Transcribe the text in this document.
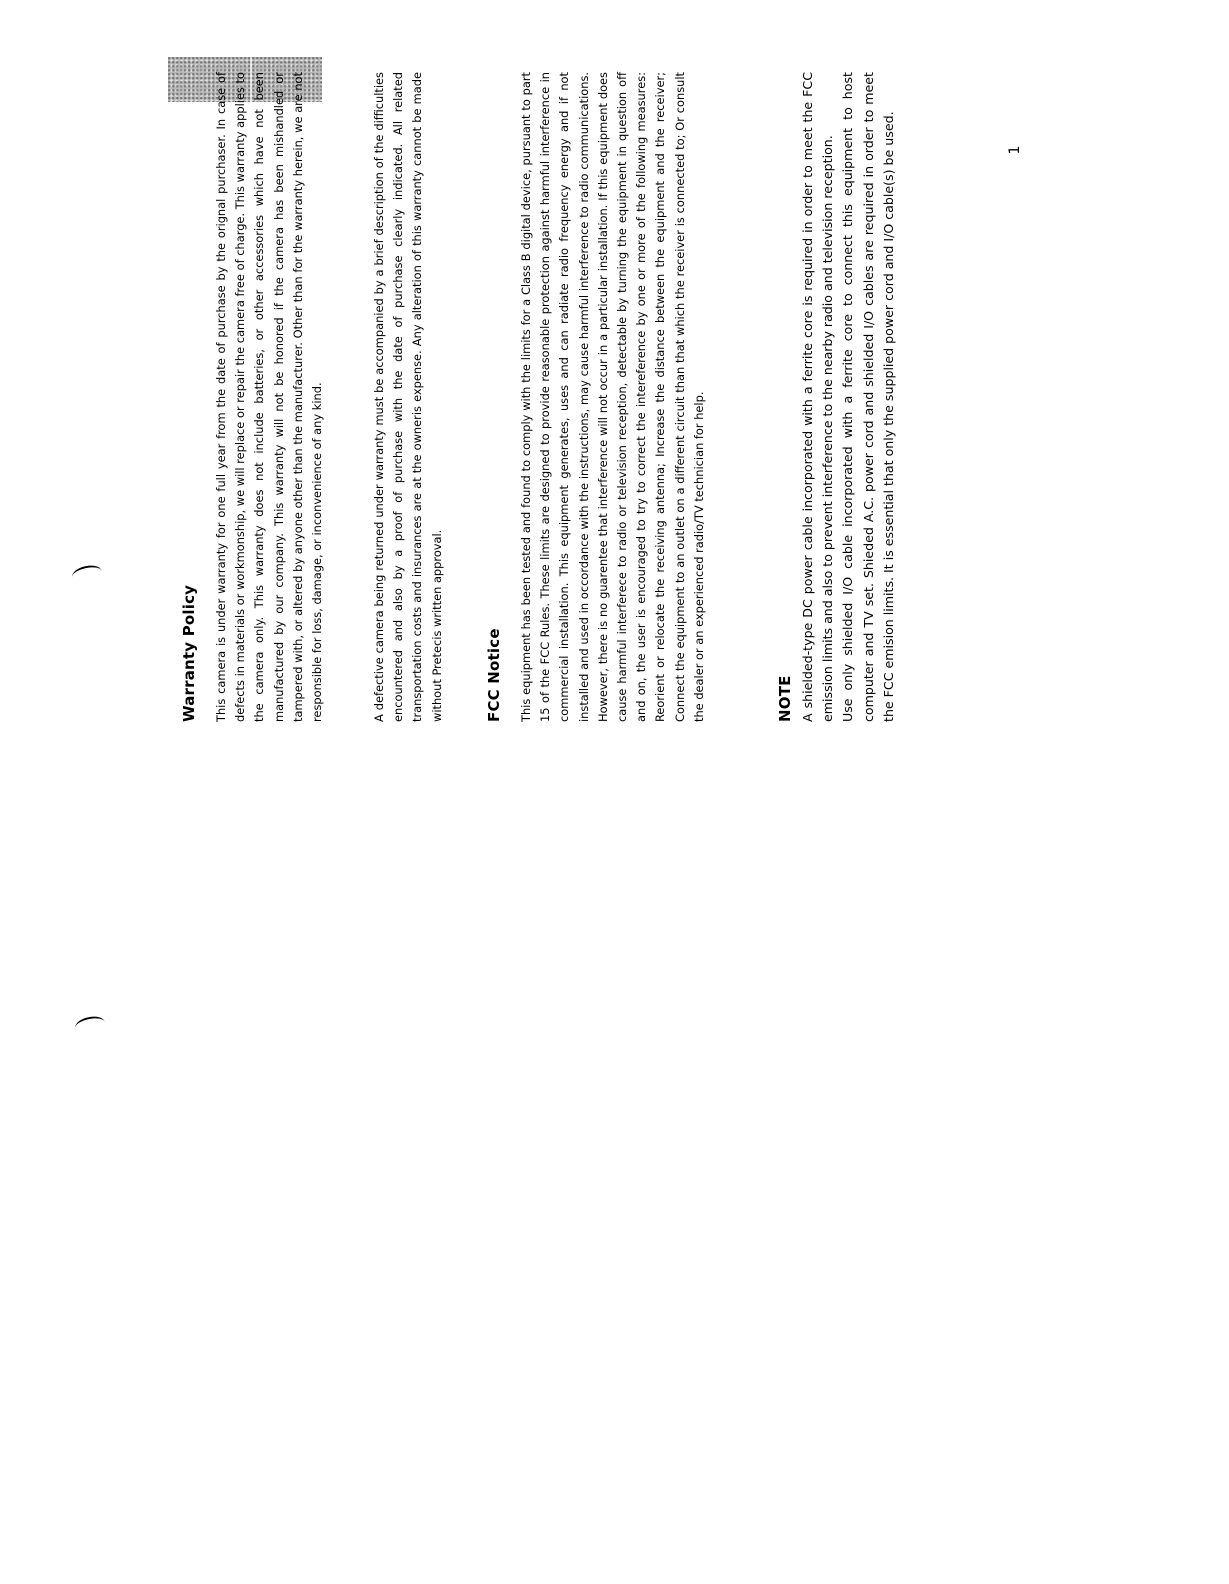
1
Warranty Policy This camera is under warranty for one full year from the date of purchase by the orignal purchaser. In case of defects in materials or workmonship, we will replace or repair the camera free of charge. This warranty applies to the camera only. This warranty does not include batteries, or other accessories which have not been manufactured by our company. This warranty will not be honored if the camera has been mishandled or tampered with, or altered by anyone other than the manufacturer. Other than for the warranty herein, we are not responsible for loss, damage, or inconvenience of any kind.	A defective camera being returned under warranty must be accompanied by a brief description of the difficulties encountered and also by a proof of purchase with the date of purchase clearly indicated. All related transportation costs and insurances are at the owneris expense. Any alteration of this warranty cannot be made without Pretecis written approval.	FCC Notice This equipment has been tested and found to comply with the limits for a Class B digital device, pursuant to part 15 of the FCC Rules. These limits are designed to provide reasonable protection against harmful interference in commercial installation. This equipment generates, uses and can radiate radio frequency energy and if not installed and used in occordance with the instructions, may cause harmful interference to radio communications. However, there is no guarentee that interference will not occur in a particular installation. If this equipment does cause harmful interferece to radio or television reception, detectable by turning the equipment in question off and on, the user is encouraged to try to correct the intereference by one or more of the following measures: Reorient or relocate the receiving antenna; Increase the distance between the equipment and the receiver; Connect the equipment to an outlet on a different circuit than that which the receiver is connected to; Or consult the dealer or an experienced radio/TV technician for help.	NOTE A shielded-type DC power cable incorporated with a ferrite core is required in order to meet the FCC emission limits and also to prevent interference to the nearby radio and television reception. Use only shielded I/O cable incorporated with a ferrite core to connect this equipment to host computer and TV set. Shieded A.C. power cord and shielded I/O cables are required in order to meet the FCC emision limits. It is essential that only the supplied power cord and I/O cable(s) be used.
